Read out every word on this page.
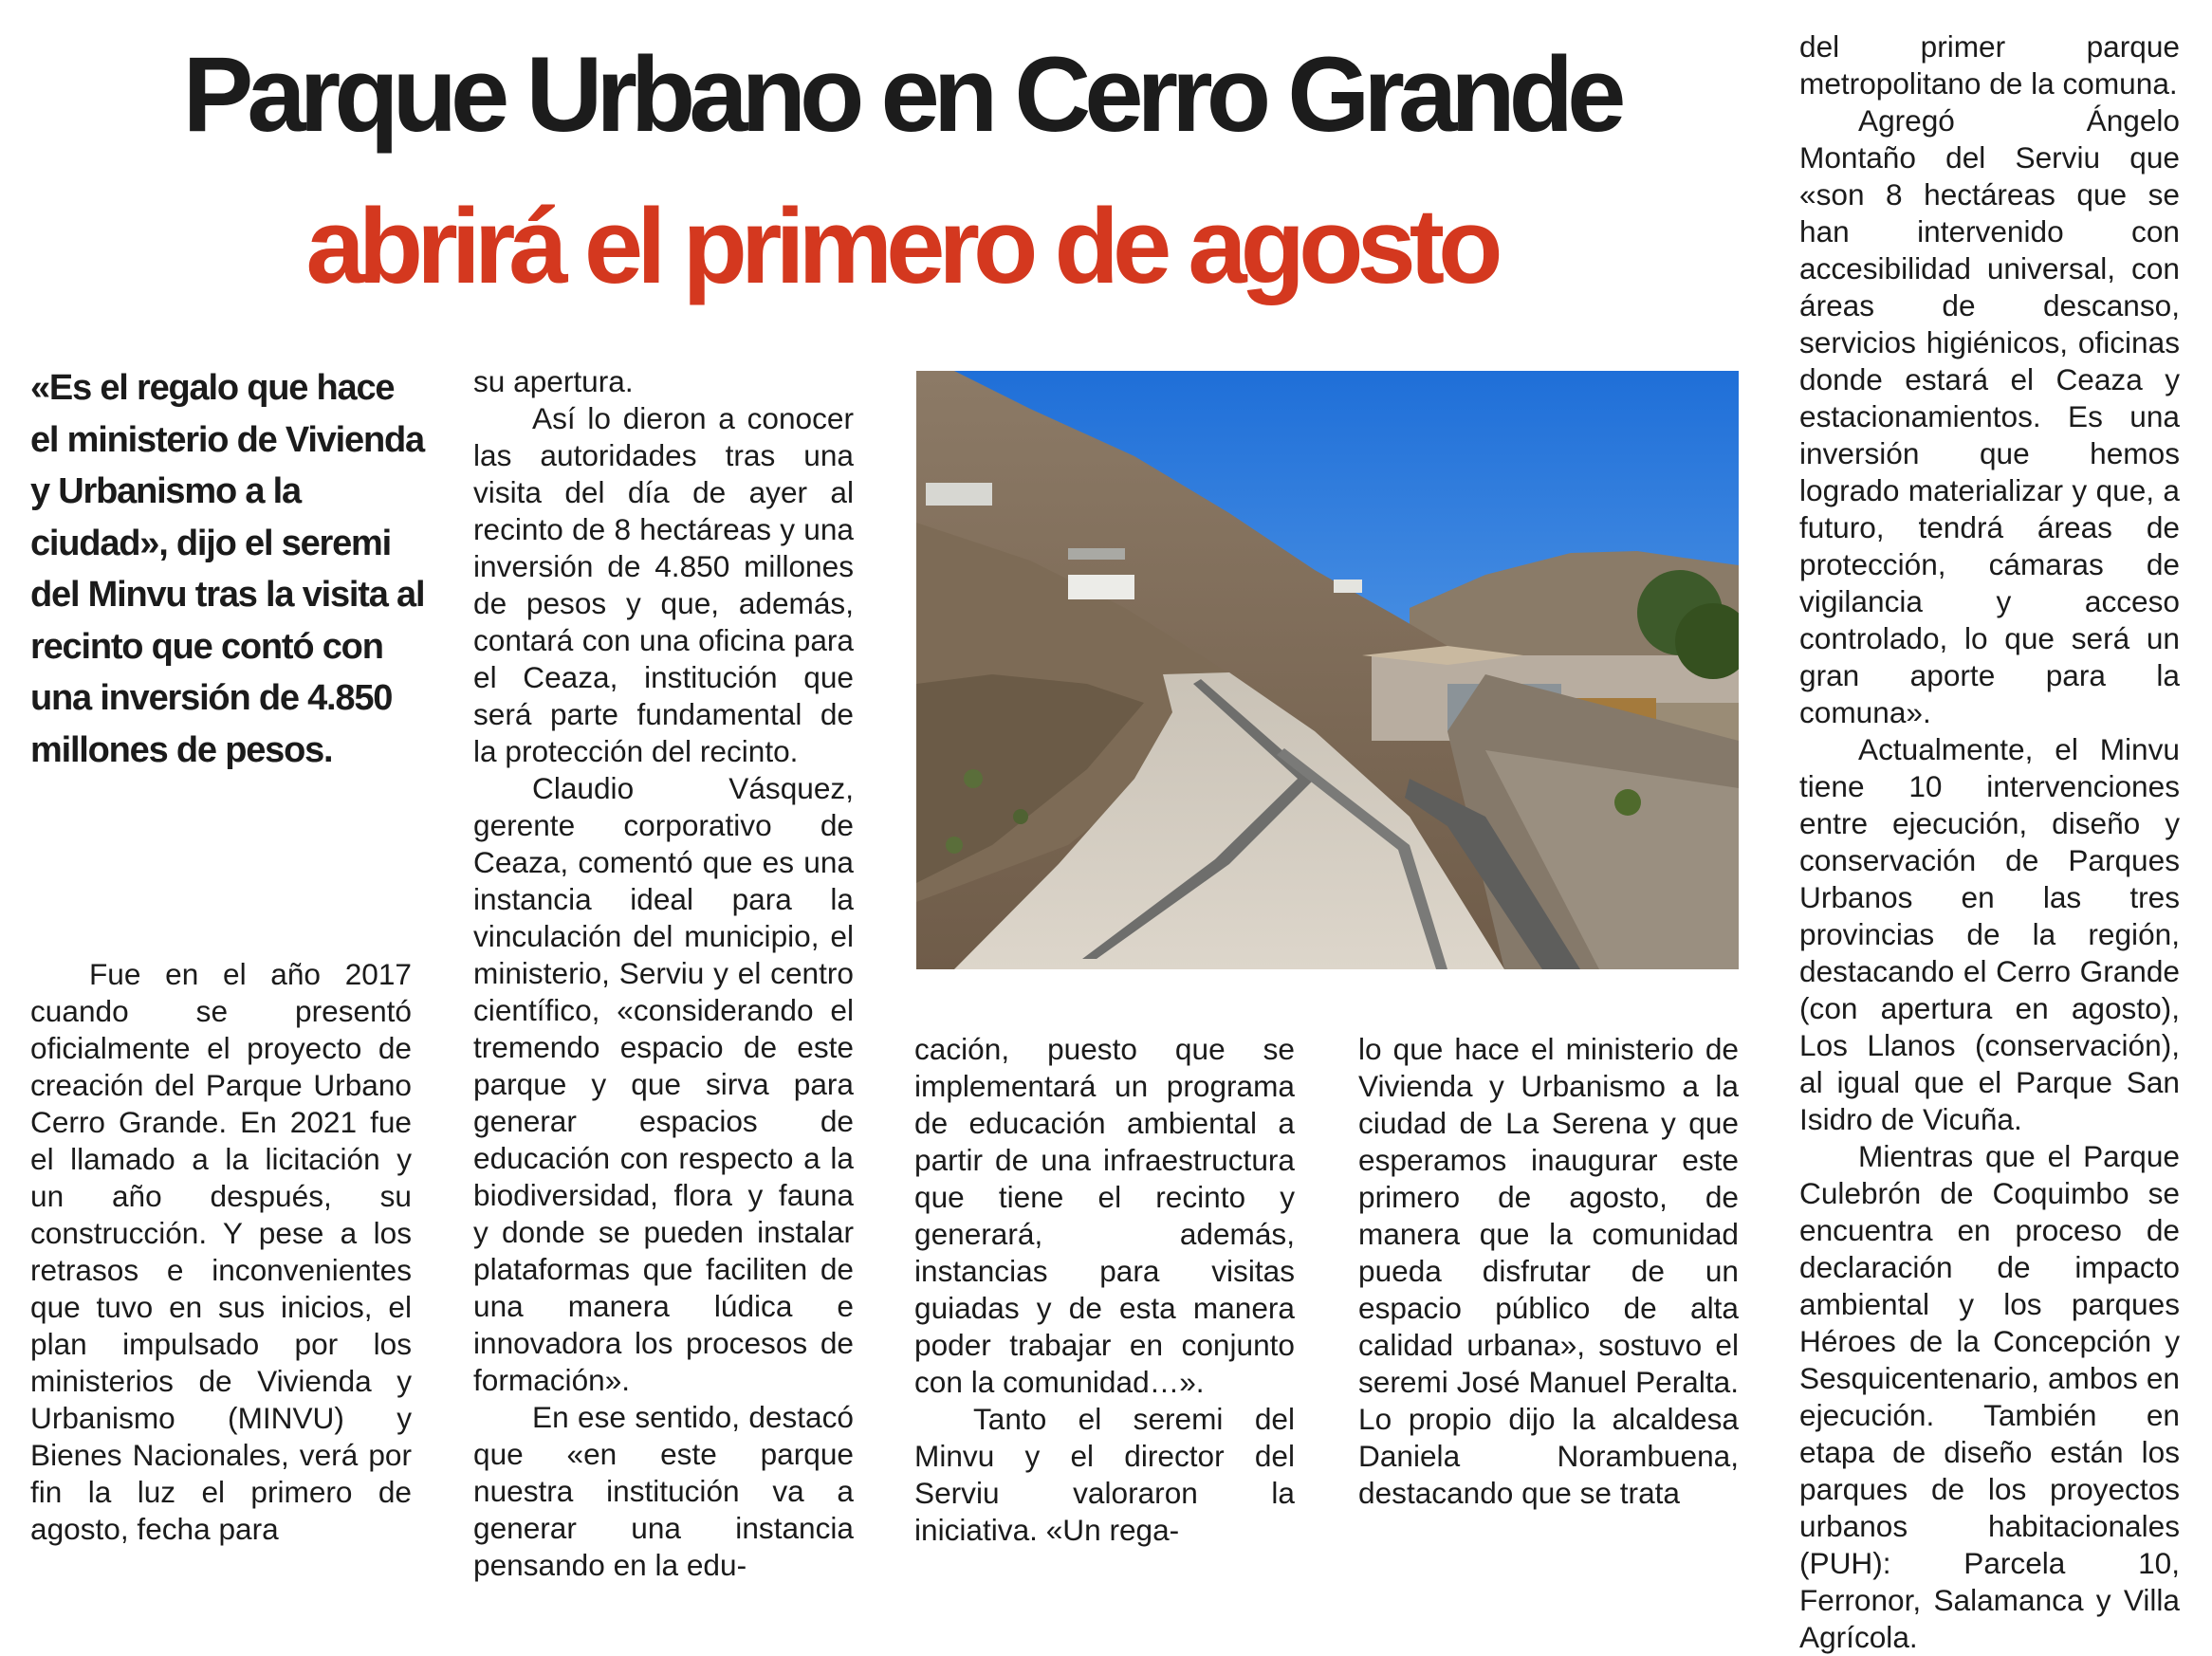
Parque Urbano en Cerro Grande
abrirá el primero de agosto

«Es el regalo que hace el ministerio de Vivienda y Urbanismo a la ciudad», dijo el seremi del Minvu tras la visita al recinto que contó con una inversión de 4.850 millones de pesos.

Fue en el año 2017 cuando se presentó oficialmente el proyecto de creación del Parque Urbano Cerro Grande. En 2021 fue el llamado a la licitación y un año después, su construcción. Y pese a los retrasos e inconvenientes que tuvo en sus inicios, el plan impulsado por los ministerios de Vivienda y Urbanismo (MINVU) y Bienes Nacionales, verá por fin la luz el primero de agosto, fecha para

su apertura.

Así lo dieron a conocer las autoridades tras una visita del día de ayer al recinto de 8 hectáreas y una inversión de 4.850 millones de pesos y que, además, contará con una oficina para el Ceaza, institución que será parte fundamental de la protección del recinto.

Claudio Vásquez, gerente corporativo de Ceaza, comentó que es una instancia ideal para la vinculación del municipio, el ministerio, Serviu y el centro científico, «considerando el tremendo espacio de este parque y que sirva para generar espacios de educación con respecto a la biodiversidad, flora y fauna y donde se pueden instalar plataformas que faciliten de una manera lúdica e innovadora los procesos de formación».

En ese sentido, destacó que «en este parque nuestra institución va a generar una instancia pensando en la edu-

cación, puesto que se implementará un programa de educación ambiental a partir de una infraestructura que tiene el recinto y generará, además, instancias para visitas guiadas y de esta manera poder trabajar en conjunto con la comunidad…».

Tanto el seremi del Minvu y el director del Serviu valoraron la iniciativa. «Un rega-

lo que hace el ministerio de Vivienda y Urbanismo a la ciudad de La Serena y que esperamos inaugurar este primero de agosto, de manera que la comunidad pueda disfrutar de un espacio público de alta calidad urbana», sostuvo el seremi José Manuel Peralta. Lo propio dijo la alcaldesa Daniela Norambuena, destacando que se trata

del primer parque metropolitano de la comuna.

Agregó Ángelo Montaño del Serviu que «son 8 hectáreas que se han intervenido con accesibilidad universal, con áreas de descanso, servicios higiénicos, oficinas donde estará el Ceaza y estacionamientos. Es una inversión que hemos logrado materializar y que, a futuro, tendrá áreas de protección, cámaras de vigilancia y acceso controlado, lo que será un gran aporte para la comuna».

Actualmente, el Minvu tiene 10 intervenciones entre ejecución, diseño y conservación de Parques Urbanos en las tres provincias de la región, destacando el Cerro Grande (con apertura en agosto), Los Llanos (conservación), al igual que el Parque San Isidro de Vicuña.

Mientras que el Parque Culebrón de Coquimbo se encuentra en proceso de declaración de impacto ambiental y los parques Héroes de la Concepción y Sesquicentenario, ambos en ejecución. También en etapa de diseño están los parques de los proyectos urbanos habitacionales (PUH): Parcela 10, Ferronor, Salamanca y Villa Agrícola.
